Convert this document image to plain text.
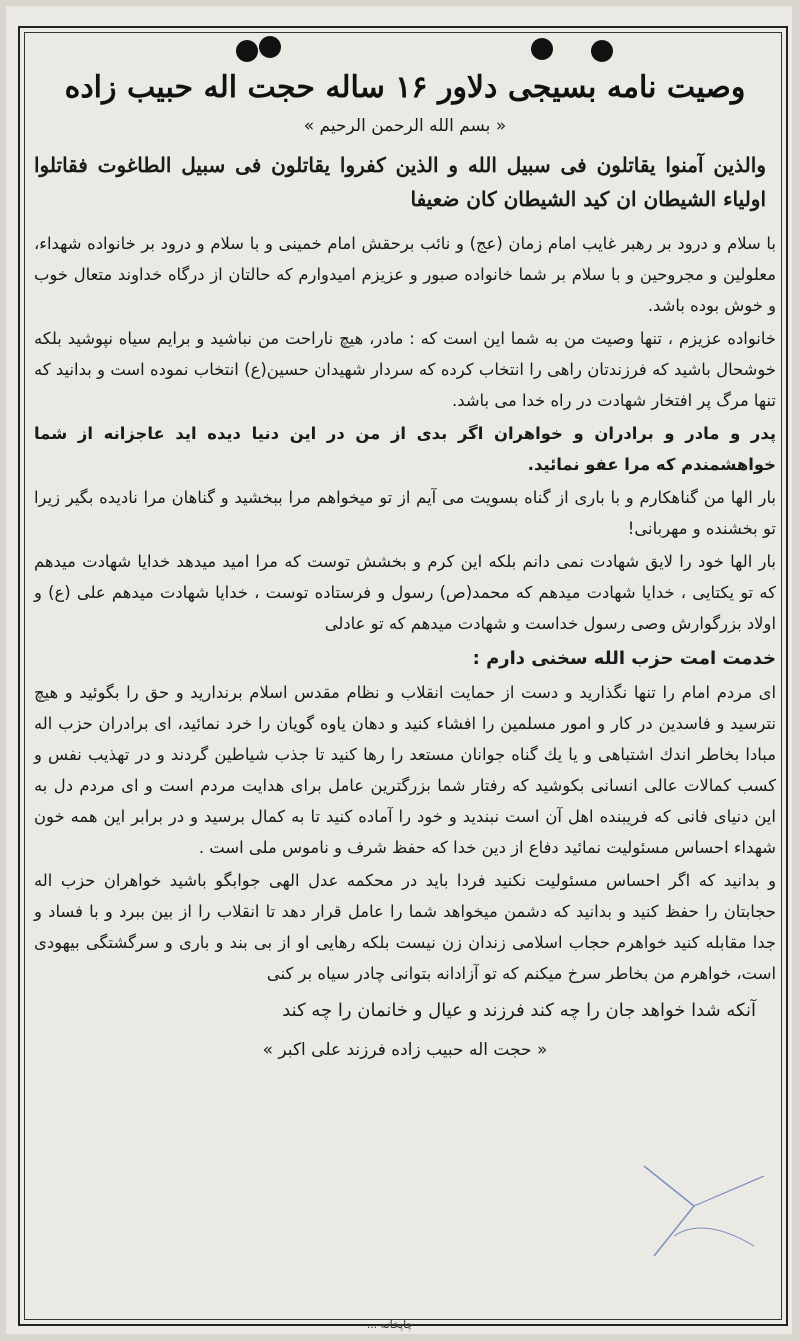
وصیت نامه بسیجی دلاور ۱۶ ساله حجت اله حبیب زاده
« بسم الله الرحمن الرحیم »
والذین آمنوا یقاتلون فی سبیل الله و الذین کفروا یقاتلون فی سبیل الطاغوت فقاتلوا اولیاء الشیطان ان کید الشیطان کان ضعیفا

با سلام و درود بر رهبر غایب امام زمان (عج) و نائب برحقش امام خمینی و با سلام و درود بر خانواده شهداء، معلولین و مجروحین و با سلام بر شما خانواده صبور و عزیزم امیدوارم که حالتان از درگاه خداوند متعال خوب و خوش بوده باشد.

خانواده عزیزم ، تنها وصیت من به شما این است که : مادر، هیچ ناراحت من نباشید و برایم سیاه نپوشید بلکه خوشحال باشید که فرزندتان راهی را انتخاب کرده که سردار شهیدان حسین(ع) انتخاب نموده است و بدانید که تنها مرگ پر افتخار شهادت در راه خدا می باشد.

پدر و مادر و برادران و خواهران اگر بدی از من در این دنیا دیده اید عاجزانه از شما خواهشمندم که مرا عفو نمائید.

بار الها من گناهکارم و با باری از گناه بسویت می آیم از تو میخواهم مرا ببخشید و گناهان مرا نادیده بگیر زیرا تو بخشنده و مهربانی!

بار الها خود را لایق شهادت نمی دانم بلکه این کرم و بخشش توست که مرا امید میدهد خدایا شهادت میدهم که تو یکتایی ، خدایا شهادت میدهم که محمد(ص) رسول و فرستاده توست ، خدایا شهادت میدهم علی (ع) و اولاد بزرگوارش وصی رسول خداست و شهادت میدهم که تو عادلی

خدمت امت حزب الله سخنی دارم :

ای مردم امام را تنها نگذارید و دست از حمایت انقلاب و نظام مقدس اسلام برندارید و حق را بگوئید و هیچ نترسید و فاسدین در کار و امور مسلمین را افشاء کنید و دهان یاوه گویان را خرد نمائید، ای برادران حزب اله مبادا بخاطر اندك اشتباهی و یا یك گناه جوانان مستعد را رها کنید تا جذب شیاطین گردند و در تهذیب نفس و کسب کمالات عالی انسانی بکوشید که رفتار شما بزرگترین عامل برای هدایت مردم است و ای مردم دل به این دنیای فانی که فریبنده اهل آن است نبندید و خود را آماده کنید تا به کمال برسید و در برابر این همه خون شهداء احساس مسئولیت نمائید دفاع از دین خدا که حفظ شرف و ناموس ملی است .

و بدانید که اگر احساس مسئولیت نکنید فردا باید در محکمه عدل الهی جوابگو باشید خواهران حزب اله حجابتان را حفظ کنید و بدانید که دشمن میخواهد شما را عامل قرار دهد تا انقلاب را از بین ببرد و با فساد و جدا مقابله کنید خواهرم حجاب اسلامی زندان زن نیست بلکه رهایی او از بی بند و باری و سرگشتگی بیهودی است، خواهرم من بخاطر سرخ میکنم که تو آزادانه بتوانی چادر سیاه بر کنی

آنکه شدا خواهد جان را چه کند فرزند و عیال و خانمان را چه کند
« حجت اله حبیب زاده فرزند علی اکبر »
چاپخانه ...
